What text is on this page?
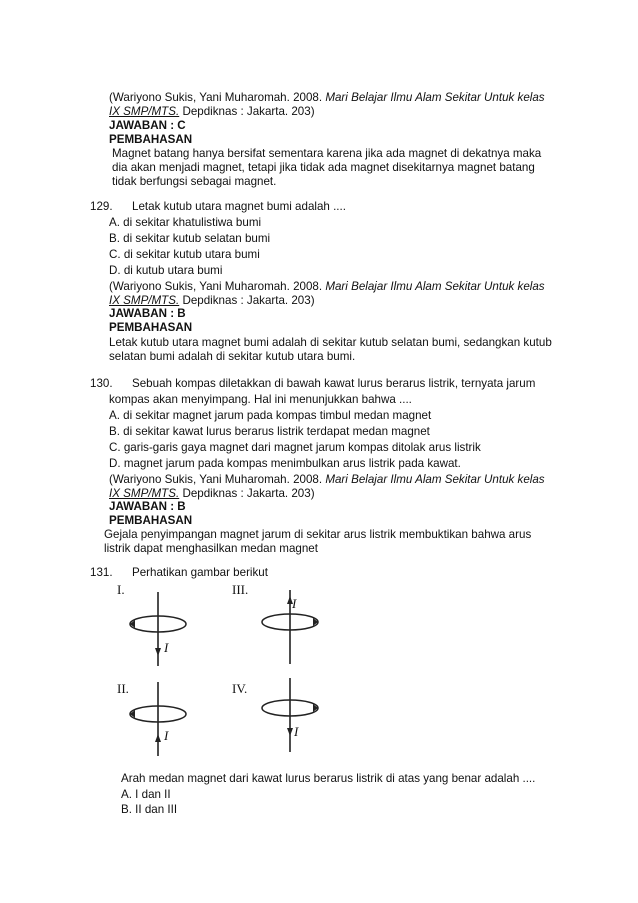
(Wariyono Sukis, Yani Muharomah. 2008. Mari Belajar Ilmu Alam Sekitar Untuk kelas
IX SMP/MTS. Depdiknas : Jakarta. 203)
JAWABAN : C
PEMBAHASAN
Magnet batang hanya bersifat sementara karena jika ada magnet di dekatnya maka
dia akan menjadi magnet, tetapi jika tidak ada magnet disekitarnya magnet batang
tidak berfungsi sebagai magnet.
129. Letak kutub utara magnet bumi adalah ....
A. di sekitar khatulistiwa bumi
B. di sekitar kutub selatan bumi
C. di sekitar kutub utara bumi
D. di kutub utara bumi
(Wariyono Sukis, Yani Muharomah. 2008. Mari Belajar Ilmu Alam Sekitar Untuk kelas
IX SMP/MTS. Depdiknas : Jakarta. 203)
JAWABAN : B
PEMBAHASAN
Letak kutub utara magnet bumi adalah di sekitar kutub selatan bumi, sedangkan kutub
selatan bumi adalah di sekitar kutub utara bumi.
130. Sebuah kompas diletakkan di bawah kawat lurus berarus listrik, ternyata jarum
kompas akan menyimpang. Hal ini menunjukkan bahwa ....
A. di sekitar magnet jarum pada kompas timbul medan magnet
B. di sekitar kawat lurus berarus listrik terdapat medan magnet
C. garis-garis gaya magnet dari magnet jarum kompas ditolak arus listrik
D. magnet jarum pada kompas menimbulkan arus listrik pada kawat.
(Wariyono Sukis, Yani Muharomah. 2008. Mari Belajar Ilmu Alam Sekitar Untuk kelas
IX SMP/MTS. Depdiknas : Jakarta. 203)
JAWABAN : B
PEMBAHASAN
Gejala penyimpangan magnet jarum di sekitar arus listrik membuktikan bahwa arus
listrik dapat menghasilkan medan magnet
131. Perhatikan gambar berikut
I.	III.
II.	IV.
I
I
I	I
Arah medan magnet dari kawat lurus berarus listrik di atas yang benar adalah ....
A. I dan II
B. II dan III
